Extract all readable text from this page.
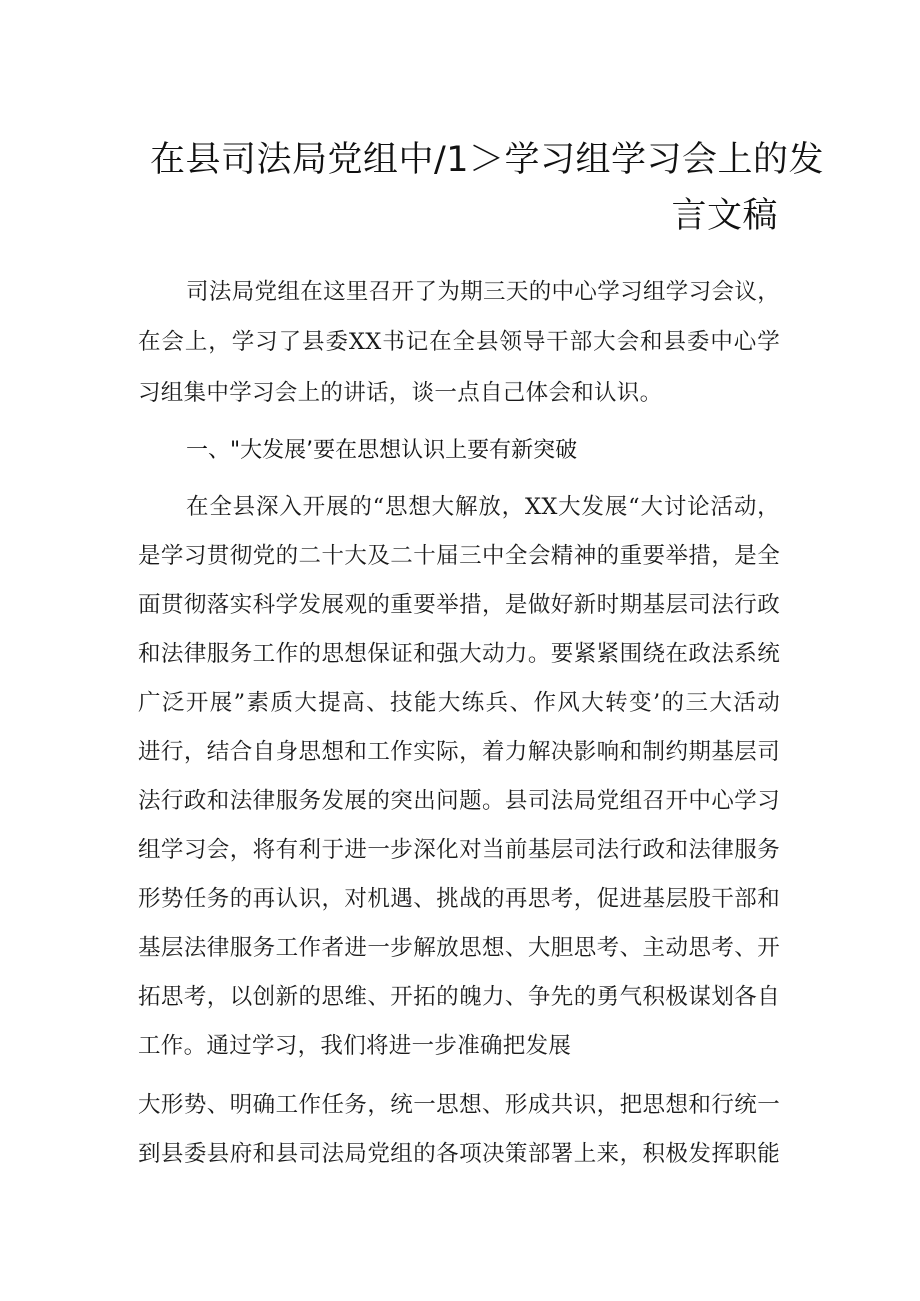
在县司法局党组中/1＞学习组学习会上的发
言文稿
司法局党组在这里召开了为期三天的中心学习组学习会议，
在会上，学习了县委XX书记在全县领导干部大会和县委中心学
习组集中学习会上的讲话，谈一点自己体会和认识。
一、"大发展’要在思想认识上要有新突破
在全县深入开展的“思想大解放，XX大发展“大讨论活动，
是学习贯彻党的二十大及二十届三中全会精神的重要举措，是全
面贯彻落实科学发展观的重要举措，是做好新时期基层司法行政
和法律服务工作的思想保证和强大动力。要紧紧围绕在政法系统
广泛开展”素质大提高、技能大练兵、作风大转变’的三大活动
进行，结合自身思想和工作实际，着力解决影响和制约期基层司
法行政和法律服务发展的突出问题。县司法局党组召开中心学习
组学习会，将有利于进一步深化对当前基层司法行政和法律服务
形势任务的再认识，对机遇、挑战的再思考，促进基层股干部和
基层法律服务工作者进一步解放思想、大胆思考、主动思考、开
拓思考，以创新的思维、开拓的魄力、争先的勇气积极谋划各自
工作。通过学习，我们将进一步准确把发展
大形势、明确工作任务，统一思想、形成共识，把思想和行统一
到县委县府和县司法局党组的各项决策部署上来，积极发挥职能
